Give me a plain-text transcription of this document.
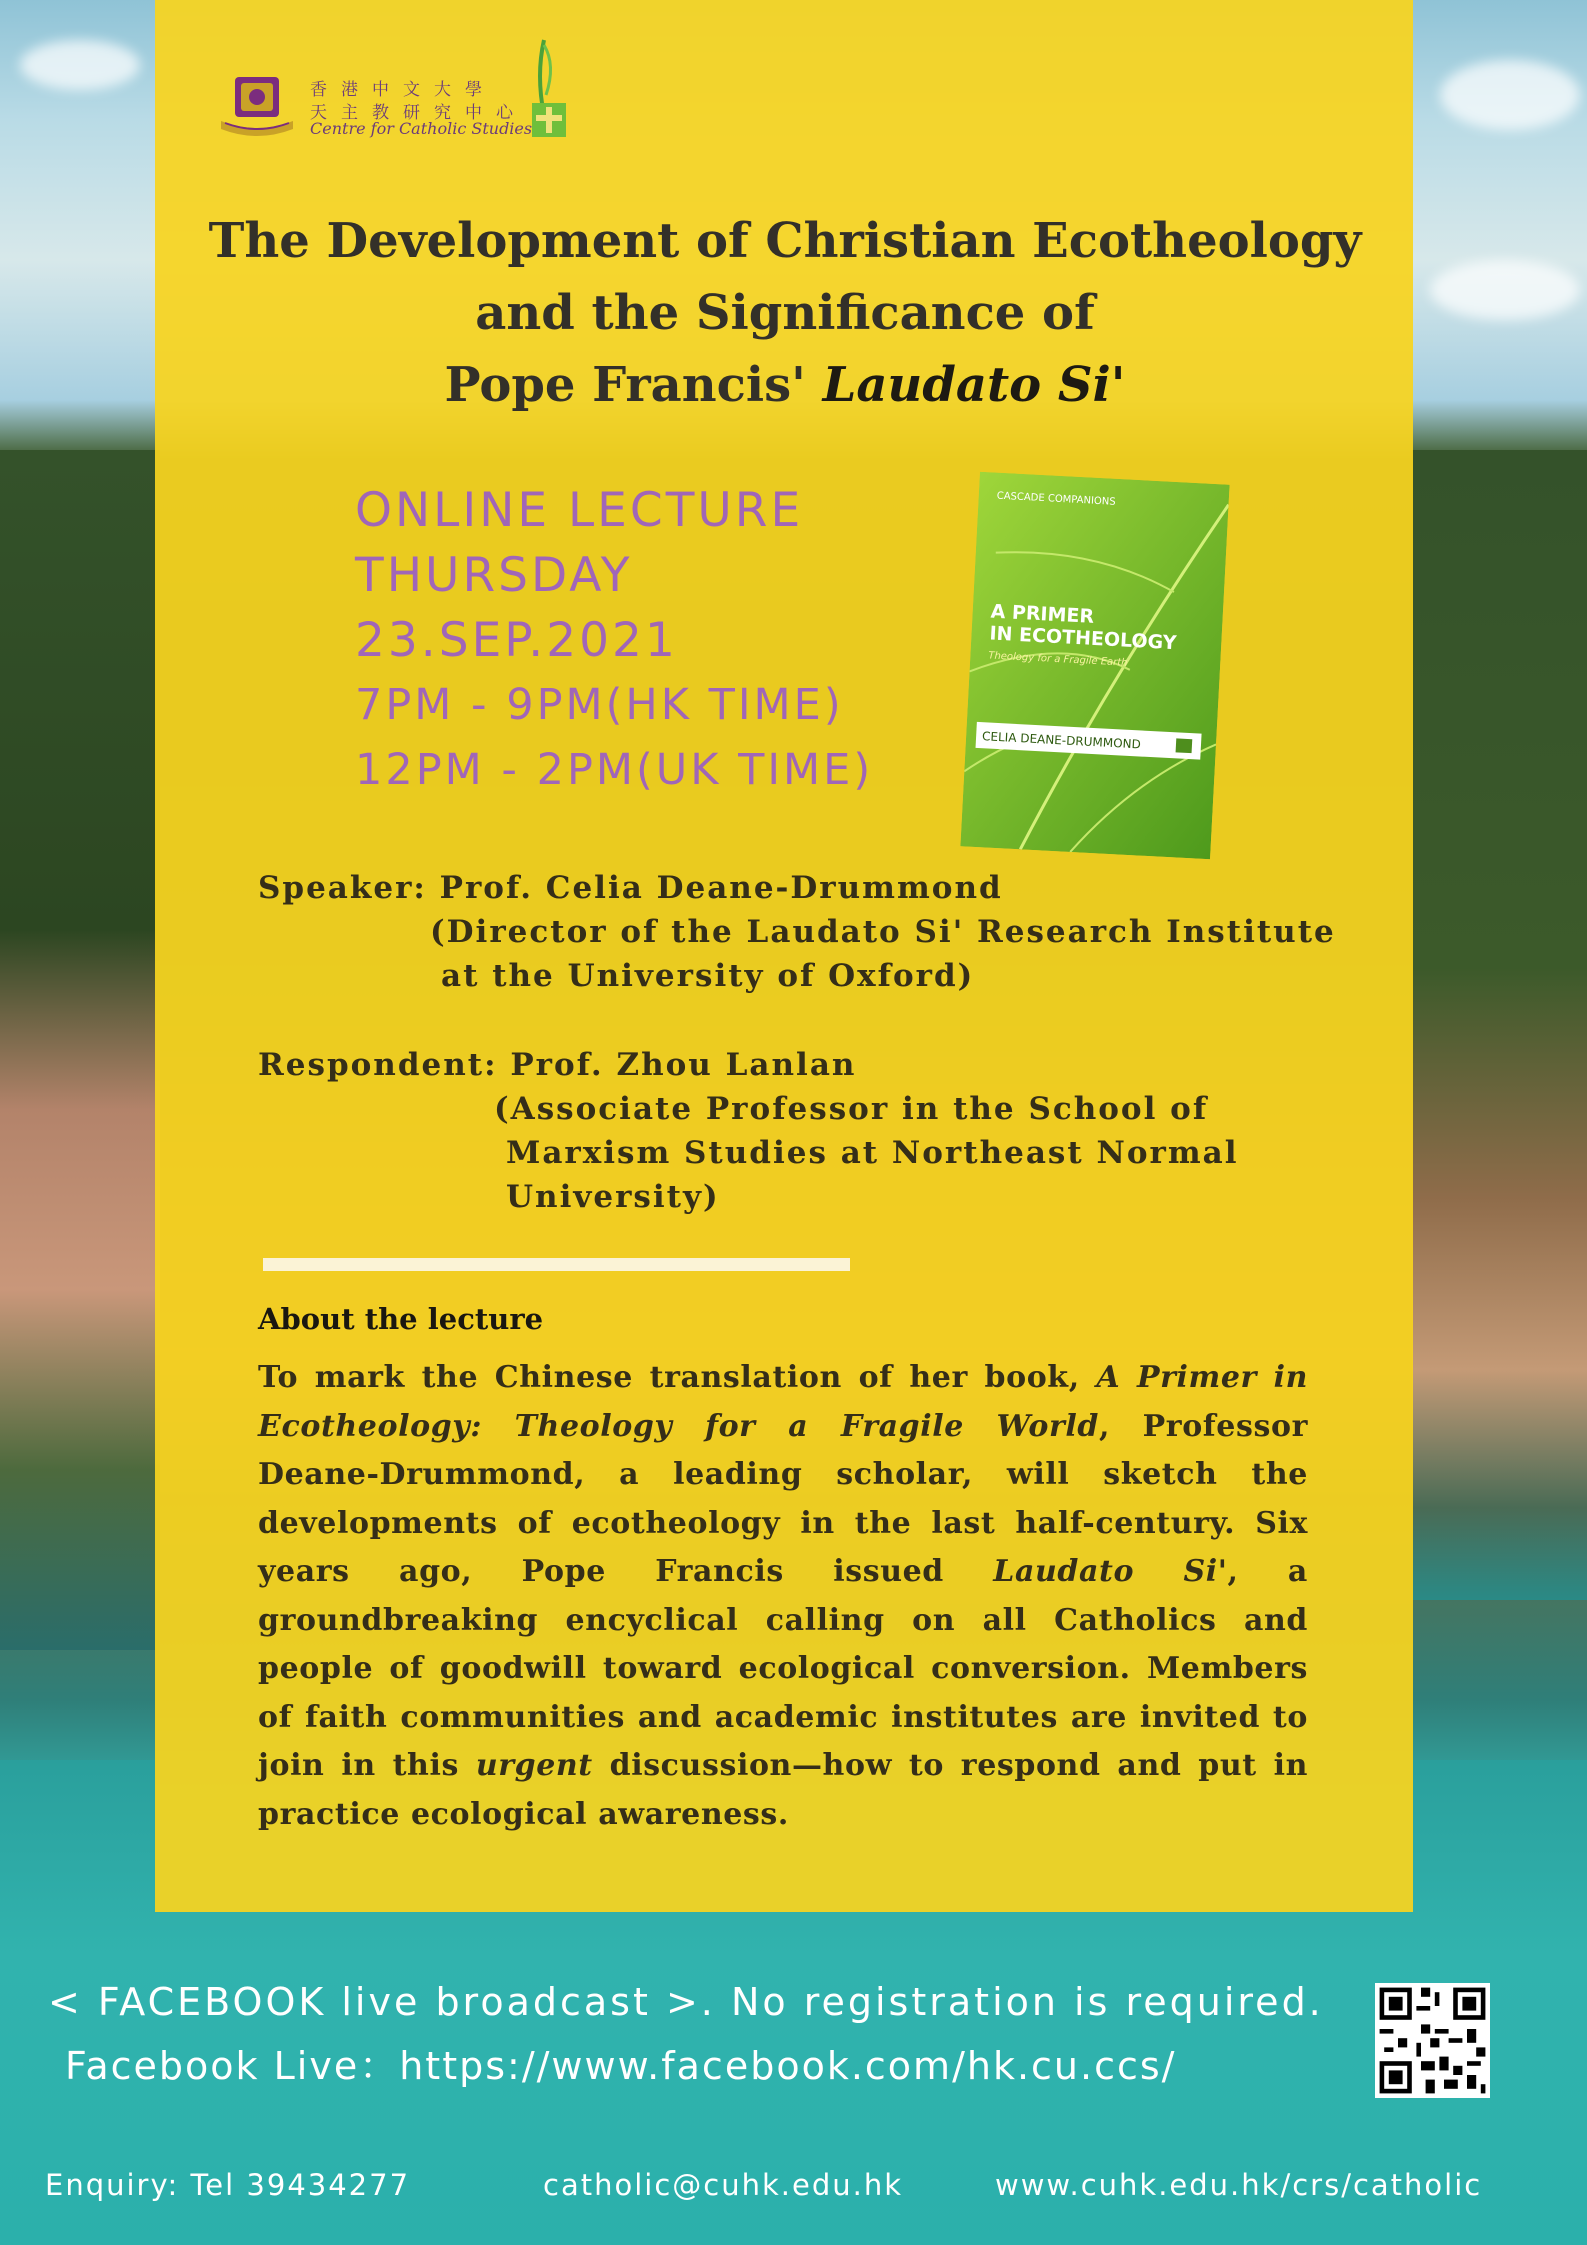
香港中文大學
天主教研究中心
Centre for Catholic Studies
The Development of Christian Ecotheology
and the Significance of
Pope Francis' Laudato Si'
ONLINE LECTURE
THURSDAY
23.SEP.2021
7PM - 9PM(HK TIME)
12PM - 2PM(UK TIME)
CASCADE COMPANIONS
A PRIMER
IN ECOTHEOLOGY
Theology for a Fragile Earth
CELIA DEANE-DRUMMOND
Speaker: Prof. Celia Deane-Drummond
(Director of the Laudato Si' Research Institute
at the University of Oxford)
Respondent: Prof. Zhou Lanlan
(Associate Professor in the School of
Marxism Studies at Northeast Normal
University)
About the lecture
To mark the Chinese translation of her book, A Primer in Ecotheology: Theology for a Fragile World, Professor Deane-Drummond, a leading scholar, will sketch the developments of ecotheology in the last half-century. Six years ago, Pope Francis issued Laudato Si', a groundbreaking encyclical calling on all Catholics and people of goodwill toward ecological conversion. Members of faith communities and academic institutes are invited to join in this urgent discussion—how to respond and put in practice ecological awareness.
< FACEBOOK live broadcast >. No registration is required.
Facebook Live：https://www.facebook.com/hk.cu.ccs/
Enquiry: Tel 39434277	catholic@cuhk.edu.hk	www.cuhk.edu.hk/crs/catholic
